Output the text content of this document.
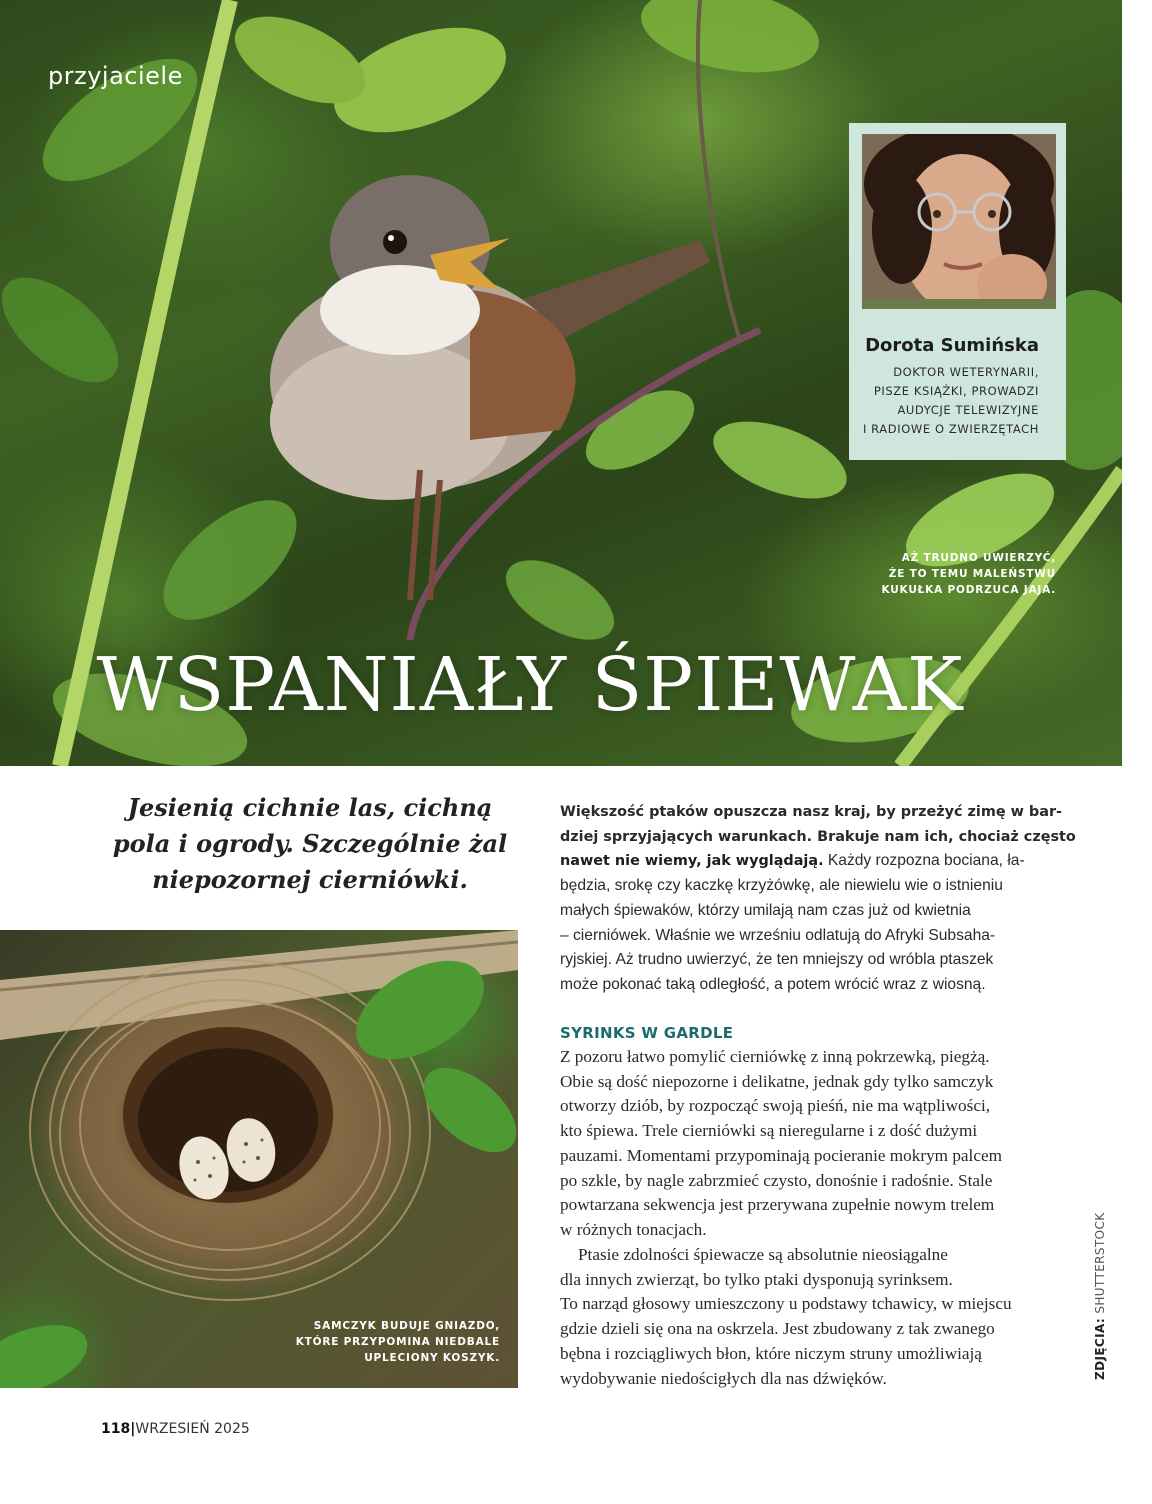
przyjaciele
Dorota Sumińska
DOKTOR WETERYNARII,
PISZE KSIĄŻKI, PROWADZI
AUDYCJE TELEWIZYJNE
I RADIOWE O ZWIERZĘTACH
AŻ TRUDNO UWIERZYĆ,
ŻE TO TEMU MALEŃSTWU
KUKUŁKA PODRZUCA JAJA.
WSPANIAŁY ŚPIEWAK
Jesienią cichnie las, cichną
pola i ogrody. Szczególnie żal
niepozornej cierniówki.
SAMCZYK BUDUJE GNIAZDO,
KTÓRE PRZYPOMINA NIEDBALE
UPLECIONY KOSZYK.
Większość ptaków opuszcza nasz kraj, by przeżyć zimę w bar-
dziej sprzyjających warunkach. Brakuje nam ich, chociaż często
nawet nie wiemy, jak wyglądają. Każdy rozpozna bociana, ła-
będzia, srokę czy kaczkę krzyżówkę, ale niewielu wie o istnieniu
małych śpiewaków, którzy umilają nam czas już od kwietnia
– cierniówek. Właśnie we wrześniu odlatują do Afryki Subsaha-
ryjskiej. Aż trudno uwierzyć, że ten mniejszy od wróbla ptaszek
może pokonać taką odległość, a potem wrócić wraz z wiosną.
SYRINKS W GARDLE
Z pozoru łatwo pomylić cierniówkę z inną pokrzewką, piegżą.
Obie są dość niepozorne i delikatne, jednak gdy tylko samczyk
otworzy dziób, by rozpocząć swoją pieśń, nie ma wątpliwości,
kto śpiewa. Trele cierniówki są nieregularne i z dość dużymi
pauzami. Momentami przypominają pocieranie mokrym palcem
po szkle, by nagle zabrzmieć czysto, donośnie i radośnie. Stale
powtarzana sekwencja jest przerywana zupełnie nowym trelem
w różnych tonacjach.
Ptasie zdolności śpiewacze są absolutnie nieosiągalne
dla innych zwierząt, bo tylko ptaki dysponują syrinksem.
To narząd głosowy umieszczony u podstawy tchawicy, w miejscu
gdzie dzieli się ona na oskrzela. Jest zbudowany z tak zwanego
bębna i rozciągliwych błon, które niczym struny umożliwiają
wydobywanie niedościgłych dla nas dźwięków.	ZDJĘCIA: SHUTTERSTOCK
118|WRZESIEŃ 2025
